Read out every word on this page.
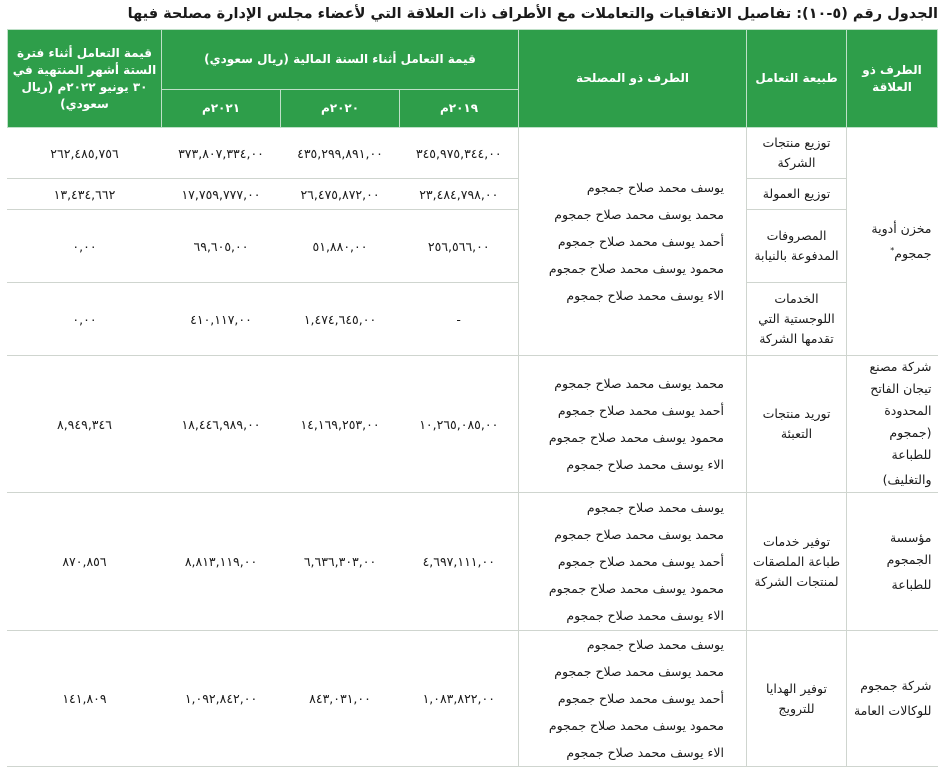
الجدول رقم (٥-١٠): تفاصيل الاتفاقيات والتعاملات مع الأطراف ذات العلاقة التي لأعضاء مجلس الإدارة مصلحة فيها
الطرف ذو العلاقة	طبيعة التعامل	الطرف ذو المصلحة	قيمة التعامل أثناء السنة المالية (ريال سعودي)			قيمة التعامل أثناء فترة الستة أشهر المنتهية في ٣٠ يونيو ٢٠٢٢م (ريال سعودي)
			٢٠١٩م	٢٠٢٠م	٢٠٢١م	
مخزن أدوية جمجوم*	توزيع منتجات الشركة	يوسف محمد صلاح جمجوم
محمد يوسف محمد صلاح جمجوم
أحمد يوسف محمد صلاح جمجوم
محمود يوسف محمد صلاح جمجوم
الاء يوسف محمد صلاح جمجوم	٣٤٥,٩٧٥,٣٤٤,٠٠	٤٣٥,٢٩٩,٨٩١,٠٠	٣٧٣,٨٠٧,٣٣٤,٠٠	٢٦٢,٤٨٥,٧٥٦
	توزيع العمولة		٢٣,٤٨٤,٧٩٨,٠٠	٢٦,٤٧٥,٨٧٢,٠٠	١٧,٧٥٩,٧٧٧,٠٠	١٣,٤٣٤,٦٦٢
	المصروفات المدفوعة بالنيابة		٢٥٦,٥٦٦,٠٠	٥١,٨٨٠,٠٠	٦٩,٦٠٥,٠٠	٠,٠٠
	الخدمات اللوجستية التي تقدمها الشركة		-	١,٤٧٤,٦٤٥,٠٠	٤١٠,١١٧,٠٠	٠,٠٠
شركة مصنع تيجان الفاتح المحدودة (جمجوم للطباعة والتغليف)	توريد منتجات التعبئة	محمد يوسف محمد صلاح جمجوم
أحمد يوسف محمد صلاح جمجوم
محمود يوسف محمد صلاح جمجوم
الاء يوسف محمد صلاح جمجوم	١٠,٢٦٥,٠٨٥,٠٠	١٤,١٦٩,٢٥٣,٠٠	١٨,٤٤٦,٩٨٩,٠٠	٨,٩٤٩,٣٤٦
مؤسسة الجمجوم للطباعة	توفير خدمات طباعة الملصقات لمنتجات الشركة	يوسف محمد صلاح جمجوم
محمد يوسف محمد صلاح جمجوم
أحمد يوسف محمد صلاح جمجوم
محمود يوسف محمد صلاح جمجوم
الاء يوسف محمد صلاح جمجوم	٤,٦٩٧,١١١,٠٠	٦,٦٣٦,٣٠٣,٠٠	٨,٨١٣,١١٩,٠٠	٨٧٠,٨٥٦
شركة جمجوم للوكالات العامة	توفير الهدايا للترويج	يوسف محمد صلاح جمجوم
محمد يوسف محمد صلاح جمجوم
أحمد يوسف محمد صلاح جمجوم
محمود يوسف محمد صلاح جمجوم
الاء يوسف محمد صلاح جمجوم	١,٠٨٣,٨٢٢,٠٠	٨٤٣,٠٣١,٠٠	١,٠٩٢,٨٤٢,٠٠	١٤١,٨٠٩
